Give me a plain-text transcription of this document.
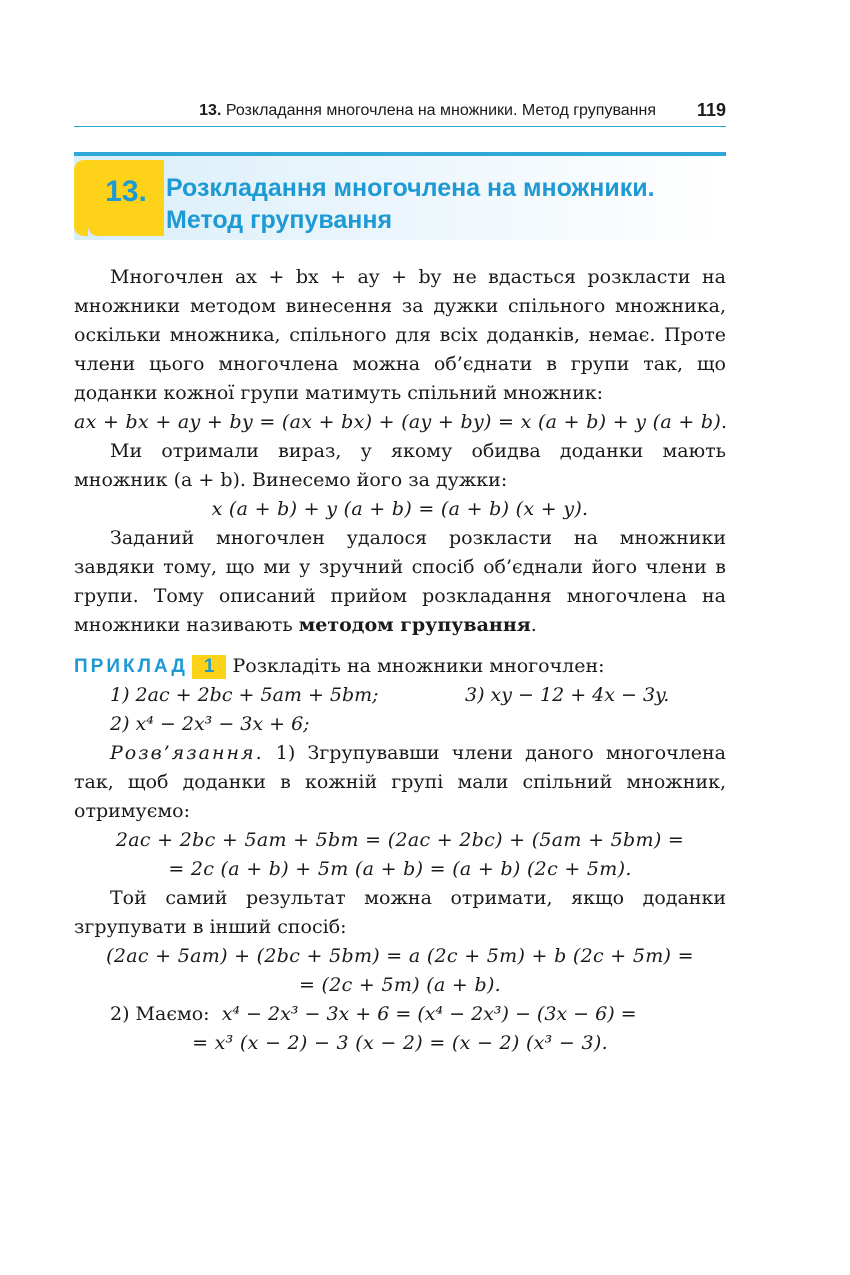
13. Розкладання многочлена на множники. Метод групування 119
13. Розкладання многочлена на множники.
Метод групування

Многочлен ax + bx + ay + by не вдасться розкласти на множники методом винесення за дужки спільного множника, оскільки множника, спільного для всіх доданків, немає. Проте члени цього многочлена можна об’єднати в групи так, що доданки кожної групи матимуть спільний множник:

ax + bx + ay + by = (ax + bx) + (ay + by) = x (a + b) + y (a + b).

Ми отримали вираз, у якому обидва доданки мають множник (a + b). Винесемо його за дужки:

x (a + b) + y (a + b) = (a + b) (x + y).

Заданий многочлен удалося розкласти на множники завдяки тому, що ми у зручний спосіб об’єднали його члени в групи. Тому описаний прийом розкладання многочлена на множники називають методом групування.

ПРИКЛАД 1 Розкладіть на множники многочлен:
1) 2ac + 2bc + 5am + 5bm;	3) xy − 12 + 4x − 3y.
2) x⁴ − 2x³ − 3x + 6;

Розв’язання. 1) Згрупувавши члени даного многочлена так, щоб доданки в кожній групі мали спільний множник, отримуємо:

2ac + 2bc + 5am + 5bm = (2ac + 2bc) + (5am + 5bm) =

= 2c (a + b) + 5m (a + b) = (a + b) (2c + 5m).

Той самий результат можна отримати, якщо доданки згрупувати в інший спосіб:

(2ac + 5am) + (2bc + 5bm) = a (2c + 5m) + b (2c + 5m) =

= (2c + 5m) (a + b).

2) Маємо: x⁴ − 2x³ − 3x + 6 = (x⁴ − 2x³) − (3x − 6) =

= x³ (x − 2) − 3 (x − 2) = (x − 2) (x³ − 3).
